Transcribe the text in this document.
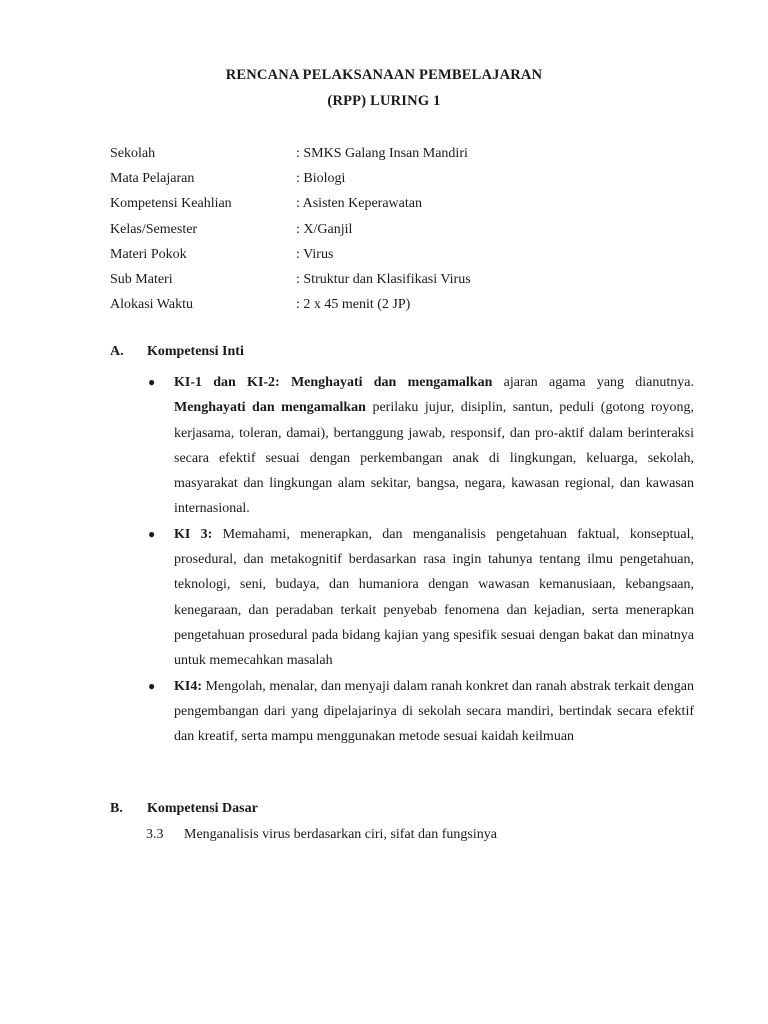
RENCANA PELAKSANAAN PEMBELAJARAN
(RPP) LURING 1
Sekolah	: SMKS Galang Insan Mandiri
Mata Pelajaran	: Biologi
Kompetensi Keahlian	: Asisten Keperawatan
Kelas/Semester	: X/Ganjil
Materi Pokok	: Virus
Sub Materi	: Struktur dan Klasifikasi Virus
Alokasi Waktu	: 2 x 45 menit (2 JP)
A. Kompetensi Inti
● KI-1 dan KI-2: Menghayati dan mengamalkan ajaran agama yang dianutnya. Menghayati dan mengamalkan perilaku jujur, disiplin, santun, peduli (gotong royong, kerjasama, toleran, damai), bertanggung jawab, responsif, dan pro-aktif dalam berinteraksi secara efektif sesuai dengan perkembangan anak di lingkungan, keluarga, sekolah, masyarakat dan lingkungan alam sekitar, bangsa, negara, kawasan regional, dan kawasan internasional.
● KI 3: Memahami, menerapkan, dan menganalisis pengetahuan faktual, konseptual, prosedural, dan metakognitif berdasarkan rasa ingin tahunya tentang ilmu pengetahuan, teknologi, seni, budaya, dan humaniora dengan wawasan kemanusiaan, kebangsaan, kenegaraan, dan peradaban terkait penyebab fenomena dan kejadian, serta menerapkan pengetahuan prosedural pada bidang kajian yang spesifik sesuai dengan bakat dan minatnya untuk memecahkan masalah
● KI4: Mengolah, menalar, dan menyaji dalam ranah konkret dan ranah abstrak terkait dengan pengembangan dari yang dipelajarinya di sekolah secara mandiri, bertindak secara efektif dan kreatif, serta mampu menggunakan metode sesuai kaidah keilmuan
B. Kompetensi Dasar
3.3 Menganalisis virus berdasarkan ciri, sifat dan fungsinya
